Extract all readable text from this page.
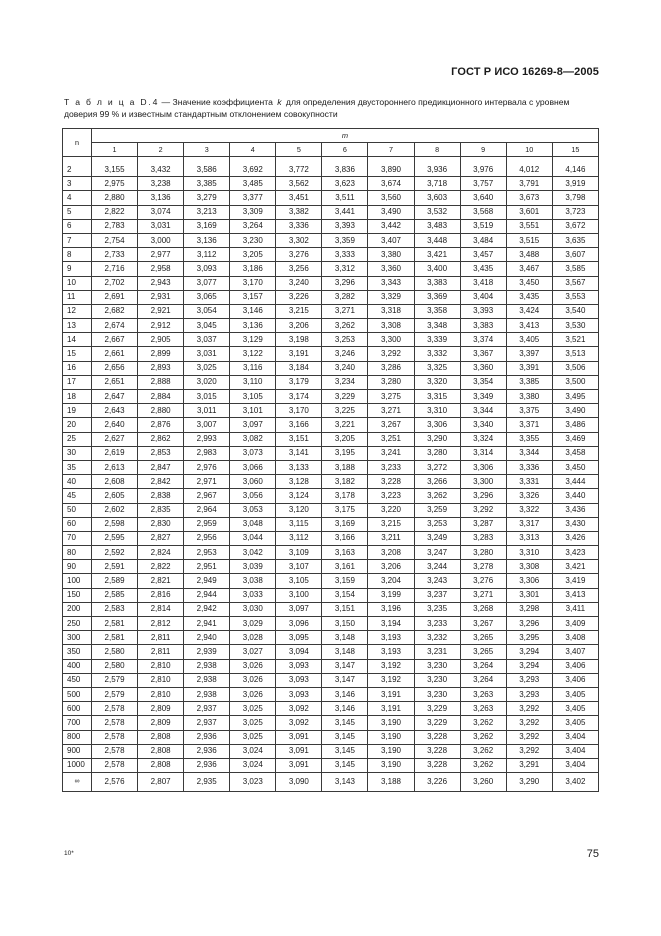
ГОСТ Р ИСО 16269-8—2005
Т а б л и ц а D.4 — Значение коэффициента k для определения двустороннего предикционного интервала с уровнем доверия 99 % и известным стандартным отклонением совокупности
n	m										
	1	2	3	4	5	6	7	8	9	10	15

2	3,155	3,432	3,586	3,692	3,772	3,836	3,890	3,936	3,976	4,012	4,146
3	2,975	3,238	3,385	3,485	3,562	3,623	3,674	3,718	3,757	3,791	3,919
4	2,880	3,136	3,279	3,377	3,451	3,511	3,560	3,603	3,640	3,673	3,798
5	2,822	3,074	3,213	3,309	3,382	3,441	3,490	3,532	3,568	3,601	3,723
6	2,783	3,031	3,169	3,264	3,336	3,393	3,442	3,483	3,519	3,551	3,672
7	2,754	3,000	3,136	3,230	3,302	3,359	3,407	3,448	3,484	3,515	3,635
8	2,733	2,977	3,112	3,205	3,276	3,333	3,380	3,421	3,457	3,488	3,607
9	2,716	2,958	3,093	3,186	3,256	3,312	3,360	3,400	3,435	3,467	3,585
10	2,702	2,943	3,077	3,170	3,240	3,296	3,343	3,383	3,418	3,450	3,567
11	2,691	2,931	3,065	3,157	3,226	3,282	3,329	3,369	3,404	3,435	3,553
12	2,682	2,921	3,054	3,146	3,215	3,271	3,318	3,358	3,393	3,424	3,540
13	2,674	2,912	3,045	3,136	3,206	3,262	3,308	3,348	3,383	3,413	3,530
14	2,667	2,905	3,037	3,129	3,198	3,253	3,300	3,339	3,374	3,405	3,521
15	2,661	2,899	3,031	3,122	3,191	3,246	3,292	3,332	3,367	3,397	3,513
16	2,656	2,893	3,025	3,116	3,184	3,240	3,286	3,325	3,360	3,391	3,506
17	2,651	2,888	3,020	3,110	3,179	3,234	3,280	3,320	3,354	3,385	3,500
18	2,647	2,884	3,015	3,105	3,174	3,229	3,275	3,315	3,349	3,380	3,495
19	2,643	2,880	3,011	3,101	3,170	3,225	3,271	3,310	3,344	3,375	3,490
20	2,640	2,876	3,007	3,097	3,166	3,221	3,267	3,306	3,340	3,371	3,486
25	2,627	2,862	2,993	3,082	3,151	3,205	3,251	3,290	3,324	3,355	3,469
30	2,619	2,853	2,983	3,073	3,141	3,195	3,241	3,280	3,314	3,344	3,458
35	2,613	2,847	2,976	3,066	3,133	3,188	3,233	3,272	3,306	3,336	3,450
40	2,608	2,842	2,971	3,060	3,128	3,182	3,228	3,266	3,300	3,331	3,444
45	2,605	2,838	2,967	3,056	3,124	3,178	3,223	3,262	3,296	3,326	3,440
50	2,602	2,835	2,964	3,053	3,120	3,175	3,220	3,259	3,292	3,322	3,436
60	2,598	2,830	2,959	3,048	3,115	3,169	3,215	3,253	3,287	3,317	3,430
70	2,595	2,827	2,956	3,044	3,112	3,166	3,211	3,249	3,283	3,313	3,426
80	2,592	2,824	2,953	3,042	3,109	3,163	3,208	3,247	3,280	3,310	3,423
90	2,591	2,822	2,951	3,039	3,107	3,161	3,206	3,244	3,278	3,308	3,421
100	2,589	2,821	2,949	3,038	3,105	3,159	3,204	3,243	3,276	3,306	3,419
150	2,585	2,816	2,944	3,033	3,100	3,154	3,199	3,237	3,271	3,301	3,413
200	2,583	2,814	2,942	3,030	3,097	3,151	3,196	3,235	3,268	3,298	3,411
250	2,581	2,812	2,941	3,029	3,096	3,150	3,194	3,233	3,267	3,296	3,409
300	2,581	2,811	2,940	3,028	3,095	3,148	3,193	3,232	3,265	3,295	3,408
350	2,580	2,811	2,939	3,027	3,094	3,148	3,193	3,231	3,265	3,294	3,407
400	2,580	2,810	2,938	3,026	3,093	3,147	3,192	3,230	3,264	3,294	3,406
450	2,579	2,810	2,938	3,026	3,093	3,147	3,192	3,230	3,264	3,293	3,406
500	2,579	2,810	2,938	3,026	3,093	3,146	3,191	3,230	3,263	3,293	3,405
600	2,578	2,809	2,937	3,025	3,092	3,146	3,191	3,229	3,263	3,292	3,405
700	2,578	2,809	2,937	3,025	3,092	3,145	3,190	3,229	3,262	3,292	3,405
800	2,578	2,808	2,936	3,025	3,091	3,145	3,190	3,228	3,262	3,292	3,404
900	2,578	2,808	2,936	3,024	3,091	3,145	3,190	3,228	3,262	3,292	3,404
1000	2,578	2,808	2,936	3,024	3,091	3,145	3,190	3,228	3,262	3,291	3,404
∞	2,576	2,807	2,935	3,023	3,090	3,143	3,188	3,226	3,260	3,290	3,402
10*	75
